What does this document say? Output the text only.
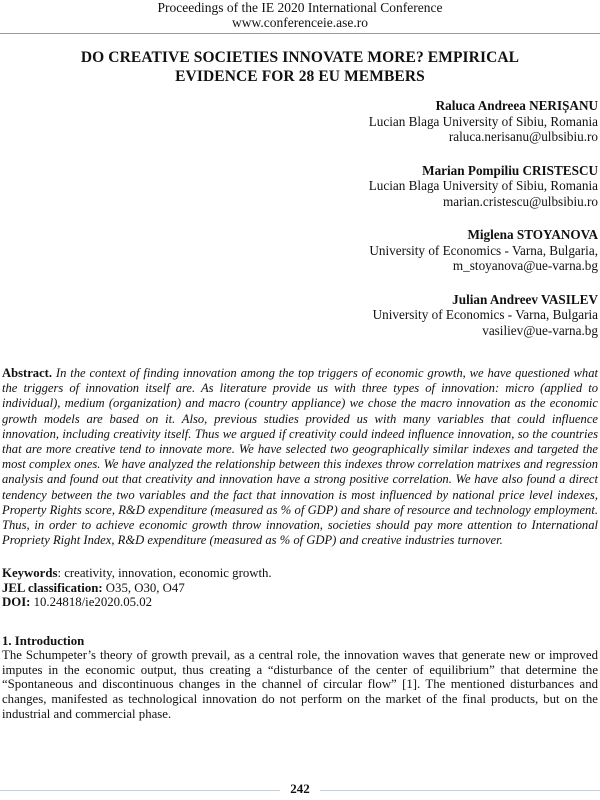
Proceedings of the IE 2020 International Conference
www.conferenceie.ase.ro
DO CREATIVE SOCIETIES INNOVATE MORE? EMPIRICAL
EVIDENCE FOR 28 EU MEMBERS
Raluca Andreea NERIȘANU
Lucian Blaga University of Sibiu, Romania
raluca.nerisanu@ulbsibiu.ro
Marian Pompiliu CRISTESCU
Lucian Blaga University of Sibiu, Romania
marian.cristescu@ulbsibiu.ro
Miglena STOYANOVA
University of Economics - Varna, Bulgaria,
m_stoyanova@ue-varna.bg
Julian Andreev VASILEV
University of Economics - Varna, Bulgaria
vasiliev@ue-varna.bg
Abstract. In the context of finding innovation among the top triggers of economic growth, we have questioned what the triggers of innovation itself are. As literature provide us with three types of innovation: micro (applied to individual), medium (organization) and macro (country appliance) we chose the macro innovation as the economic growth models are based on it. Also, previous studies provided us with many variables that could influence innovation, including creativity itself. Thus we argued if creativity could indeed influence innovation, so the countries that are more creative tend to innovate more. We have selected two geographically similar indexes and targeted the most complex ones. We have analyzed the relationship between this indexes throw correlation matrixes and regression analysis and found out that creativity and innovation have a strong positive correlation. We have also found a direct tendency between the two variables and the fact that innovation is most influenced by national price level indexes, Property Rights score, R&D expenditure (measured as % of GDP) and share of resource and technology employment. Thus, in order to achieve economic growth throw innovation, societies should pay more attention to International Propriety Right Index, R&D expenditure (measured as % of GDP) and creative industries turnover.
Keywords: creativity, innovation, economic growth.
JEL classification: O35, O30, O47
DOI: 10.24818/ie2020.05.02
1. Introduction
The Schumpeter’s theory of growth prevail, as a central role, the innovation waves that generate new or improved imputes in the economic output, thus creating a “disturbance of the center of equilibrium” that determine the “Spontaneous and discontinuous changes in the channel of circular flow” [1]. The mentioned disturbances and changes, manifested as technological innovation do not perform on the market of the final products, but on the industrial and commercial phase.
242
